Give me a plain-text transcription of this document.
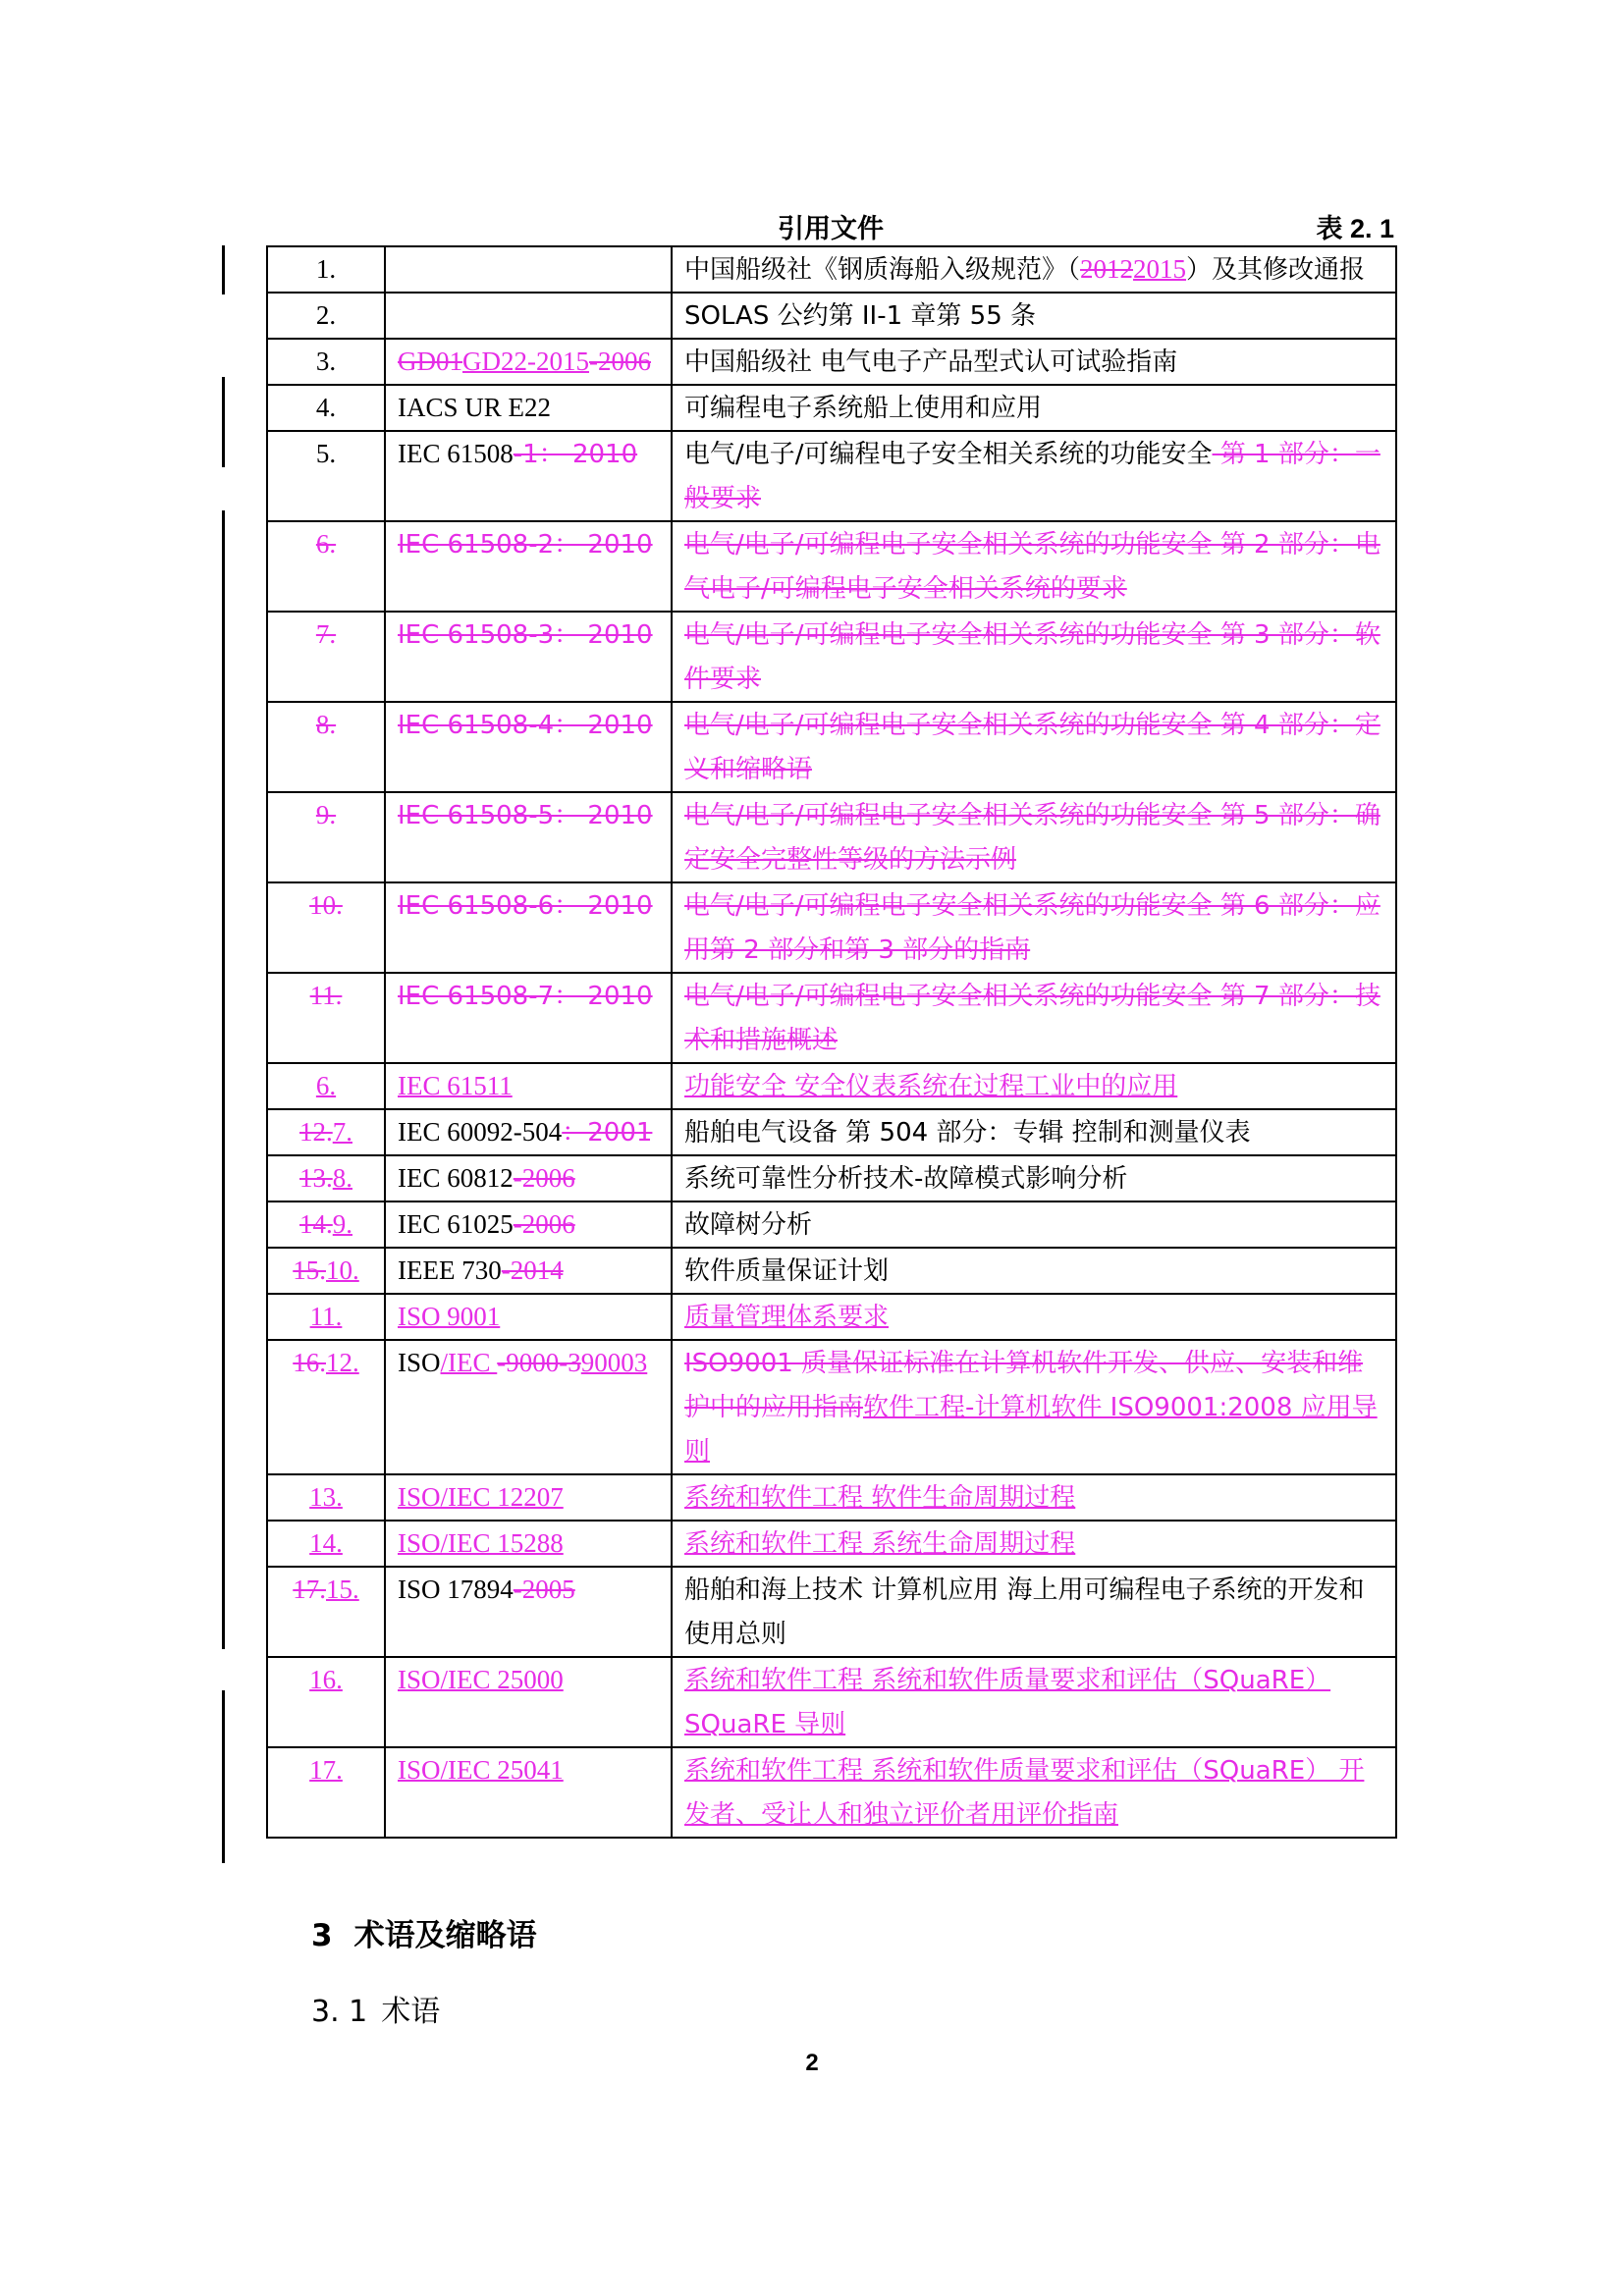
引用文件	表 2. 1
1.		中国船级社《钢质海船入级规范》（20122015）及其修改通报
2.		SOLAS 公约第 II-1 章第 55 条
3.	GD01GD22-2015-2006	中国船级社 电气电子产品型式认可试验指南
4.	IACS UR E22	可编程电子系统船上使用和应用
5.	IEC 61508-1： 2010	电气/电子/可编程电子安全相关系统的功能安全 第 1 部分：一般要求
6.	IEC 61508-2： 2010	电气/电子/可编程电子安全相关系统的功能安全 第 2 部分：电气电子/可编程电子安全相关系统的要求
7.	IEC 61508-3： 2010	电气/电子/可编程电子安全相关系统的功能安全 第 3 部分：软件要求
8.	IEC 61508-4： 2010	电气/电子/可编程电子安全相关系统的功能安全 第 4 部分：定义和缩略语
9.	IEC 61508-5： 2010	电气/电子/可编程电子安全相关系统的功能安全 第 5 部分：确定安全完整性等级的方法示例
10.	IEC 61508-6： 2010	电气/电子/可编程电子安全相关系统的功能安全 第 6 部分：应用第 2 部分和第 3 部分的指南
11.	IEC 61508-7： 2010	电气/电子/可编程电子安全相关系统的功能安全 第 7 部分：技术和措施概述
6.	IEC 61511	功能安全 安全仪表系统在过程工业中的应用
12.7.	IEC 60092-504：2001	船舶电气设备 第 504 部分：专辑 控制和测量仪表
13.8.	IEC 60812-2006	系统可靠性分析技术-故障模式影响分析
14.9.	IEC 61025-2006	故障树分析
15.10.	IEEE 730-2014	软件质量保证计划
11.	ISO 9001	质量管理体系要求
16.12.	ISO/IEC -9000-390003	ISO9001 质量保证标准在计算机软件开发、供应、安装和维护中的应用指南软件工程-计算机软件 ISO9001:2008 应用导则
13.	ISO/IEC 12207	系统和软件工程 软件生命周期过程
14.	ISO/IEC 15288	系统和软件工程 系统生命周期过程
17.15.	ISO 17894-2005	船舶和海上技术 计算机应用 海上用可编程电子系统的开发和使用总则
16.	ISO/IEC 25000	系统和软件工程 系统和软件质量要求和评估（SQuaRE） SQuaRE 导则
17.	ISO/IEC 25041	系统和软件工程 系统和软件质量要求和评估（SQuaRE） 开发者、受让人和独立评价者用评价指南
3 术语及缩略语
3. 1 术语
2
